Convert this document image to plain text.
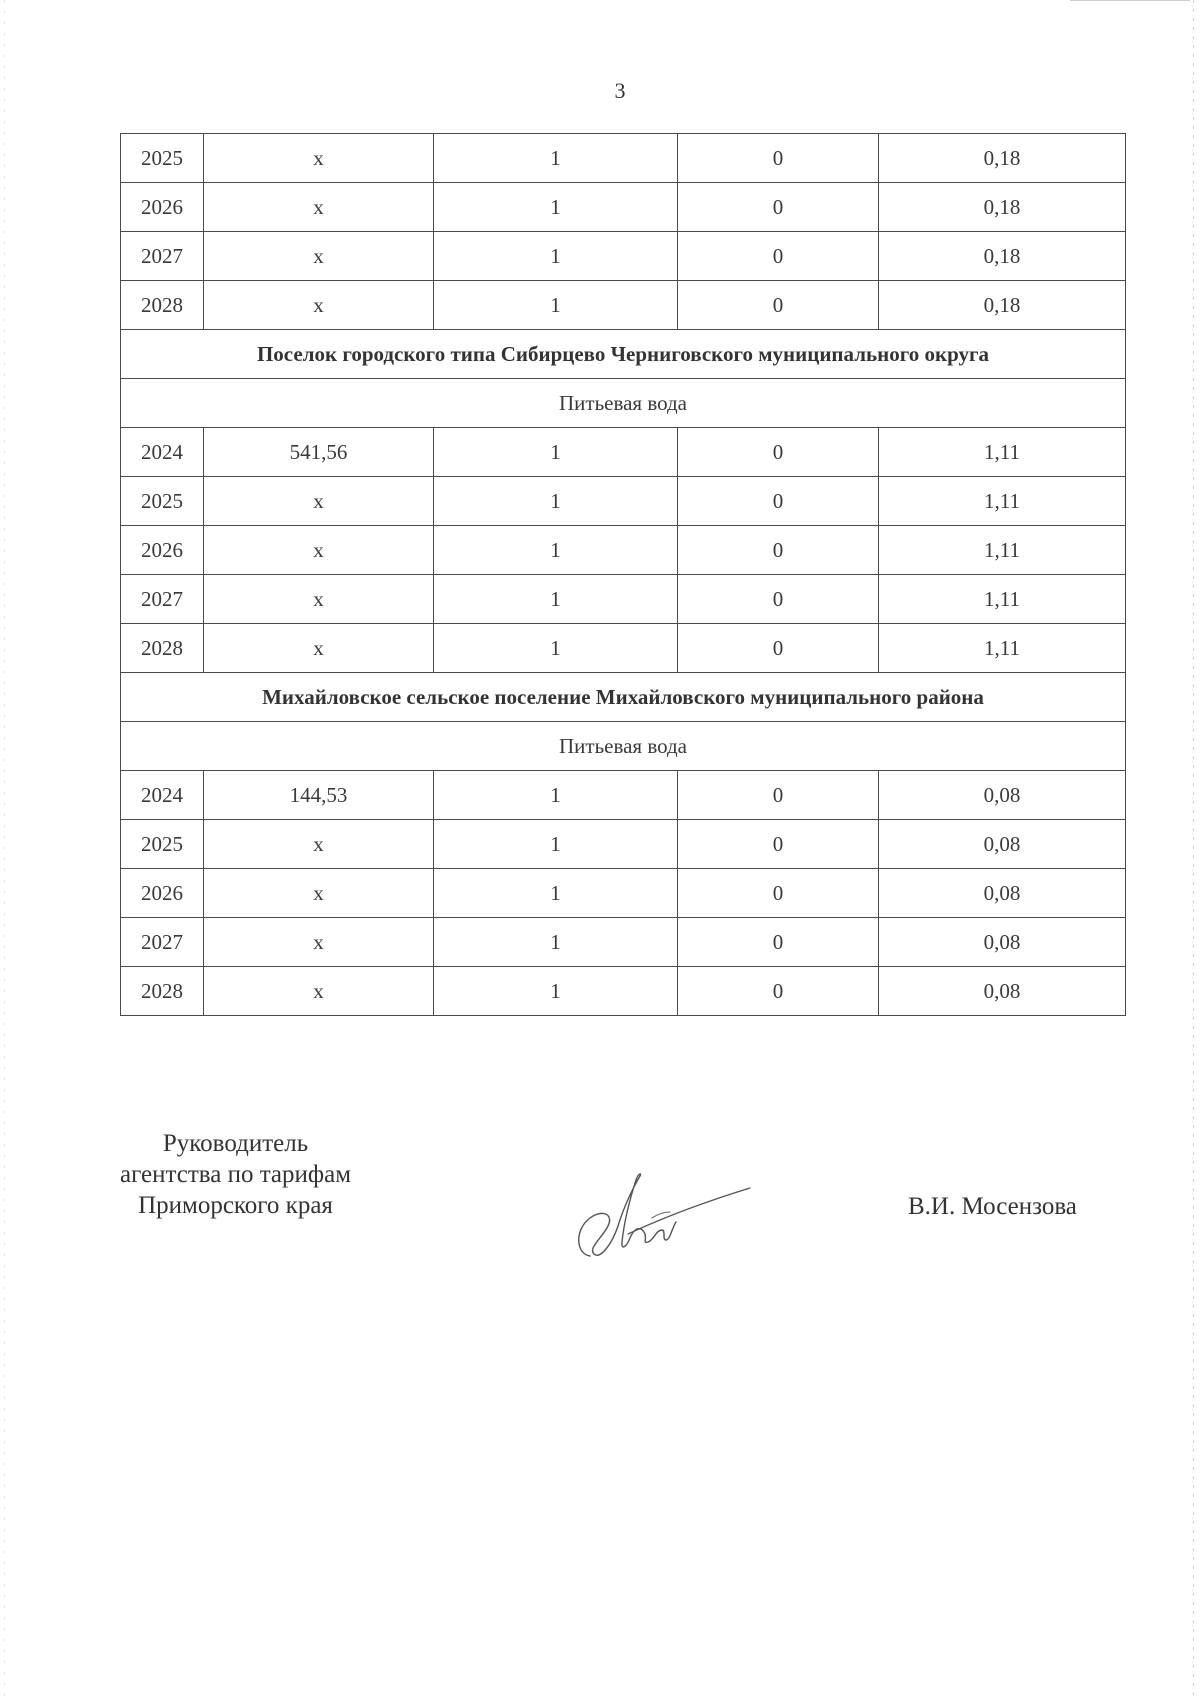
3
2025	x	1	0	0,18
2026	x	1	0	0,18
2027	x	1	0	0,18
2028	x	1	0	0,18
Поселок городского типа Сибирцево Черниговского муниципального округа				
Питьевая вода				
2024	541,56	1	0	1,11
2025	x	1	0	1,11
2026	x	1	0	1,11
2027	x	1	0	1,11
2028	x	1	0	1,11
Михайловское сельское поселение Михайловского муниципального района				
Питьевая вода				
2024	144,53	1	0	0,08
2025	x	1	0	0,08
2026	x	1	0	0,08
2027	x	1	0	0,08
2028	x	1	0	0,08
Руководитель
агентства по тарифам
Приморского края	В.И. Мосензова
